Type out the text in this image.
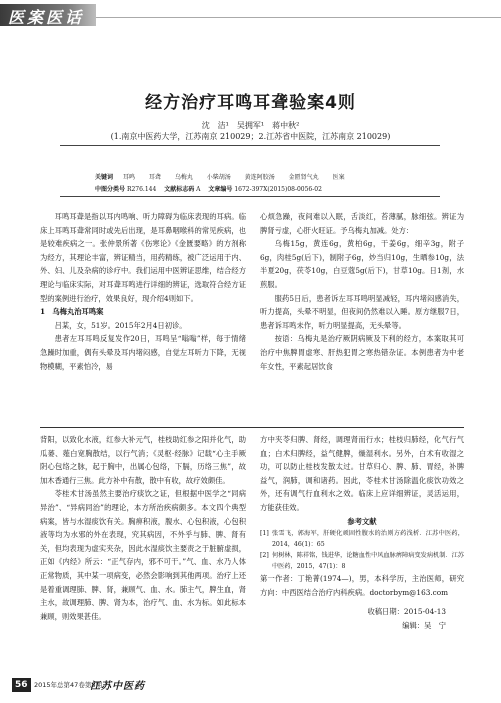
医案医话
经方治疗耳鸣耳聋验案4则
沈　洁¹　吴拥军¹　蒋中秋²
(1.南京中医药大学，江苏南京 210029；2.江苏省中医院，江苏南京 210029)
关键词 耳鸣 耳聋 乌梅丸 小柴胡汤 黄连阿胶汤 金匮肾气丸 医案
中图分类号 R276.144 文献标志码 A 文章编号 1672-397X(2015)08-0056-02

耳鸣耳聋是指以耳内鸣响、听力障碍为临床表现的耳病。临床上耳鸣耳聋常同时或先后出现，是耳鼻咽喉科的常见疾病，也是较难疾病之一。张仲景所著《伤寒论》《金匮要略》的方剂称为经方，其理论丰富，辨证精当，用药精练，被广泛运用于内、外、妇、儿及杂病的诊疗中。我们运用中医辨证思维，结合经方理论与临床实际，对耳聋耳鸣进行详细的辨证，选取符合经方证型的案例进行治疗，效果良好，现介绍4则如下。

1　乌梅丸治耳鸣案

吕某，女，51岁。2015年2月4日初诊。

患者左耳耳鸣反复发作20日，耳鸣呈“嗡嗡”样，每于情绪急躁时加重，偶有头晕及耳内堵闷感，自觉左耳听力下降，无视物模糊，平素怕冷，易

心烦急躁，夜间难以入眠，舌淡红，苔薄腻，脉细弦。辨证为脾肾亏虚，心肝火旺证。予乌梅丸加减。处方：

乌梅15g，黄连6g，黄柏6g，干姜6g，细辛3g，附子6g，肉桂5g(后下)，制附子6g，炒当归10g，生晒参10g，法半夏20g，茯苓10g，白豆蔻5g(后下)，甘草10g。日1剂，水煎服。

服药5日后，患者诉左耳耳鸣明显减轻，耳内堵闷感消失，听力提高，头晕不明显，但夜间仍然难以入睡。原方继服7日，患者诉耳鸣未作，听力明显提高，无头晕等。

按语：乌梅丸是治疗厥阴病厥及下利的经方，本案取其可治疗中焦脾胃虚寒、肝热犯胃之寒热错杂证。本例患者为中老年女性，平素起居饮食

背阳，以致化水液，红参大补元气，桂枝助红参之阳并化气，助瓜蒌、薤白宽胸散结，以行气消；《灵枢·经脉》记载“心主手厥阴心包络之脉，起于胸中，出属心包络，下膈，历络三焦”，故加木香通行三焦。此方补中有散，散中有收，故疗效颇佳。

苓桂术甘汤虽然主要治疗痰饮之证，但根据中医学之“同病异治”、“异病同治”的理论，本方所治疾病颇多。本文四个典型病案，皆与水湿痰饮有关。胸痹积液，腹水、心包积液，心包积液等均为水邪的外在表现，究其病因，不外乎与肺、脾、肾有关，但均表现为虚实夹杂，因此水湿痰饮主要责之于脏腑虚损，正如《内经》所云：“正气存内，邪不可干。”气、血、水乃人体正常物质，其中某一项病变，必然会影响到其他两项。治疗上还是着重调理肺、脾、肾，兼顾气、血、水。肺主气，脾生血，肾主水，故调理肺、脾、肾为本，治疗气、血、水为标。如此标本兼顾，则效果甚佳。

方中夹苓归脾、肾经，调理肾而行水；桂枝归肺经，化气行气血；白术归脾经，益气健脾，燥湿利水。另外，白术有收湿之功，可以防止桂枝发散太过。甘草归心、脾、肺、胃经，补脾益气，润肺，调和诸药。因此，苓桂术甘汤除温化痰饮功效之外，还有调气行血利水之效。临床上应详细辨证，灵活运用，方能获佳效。

参考文献

[1] 张雪飞，郭海军，肝硬化顽固性腹水的治则方药浅析．江苏中医药，2014，46(1)：65

[2] 何树林，陈祥铭，钱进华，论糖血性中风血脉痹障病变发病机制．江苏中医药，2015，47(1)：8

第一作者：丁艳菁(1974—)，男，本科学历，主治医师，研究方向：中西医结合治疗内科疾病。doctorbym@163.com

收稿日期：2015-04-13

编辑：吴　宁

56 2015年总第47卷第8期
江苏中医药
